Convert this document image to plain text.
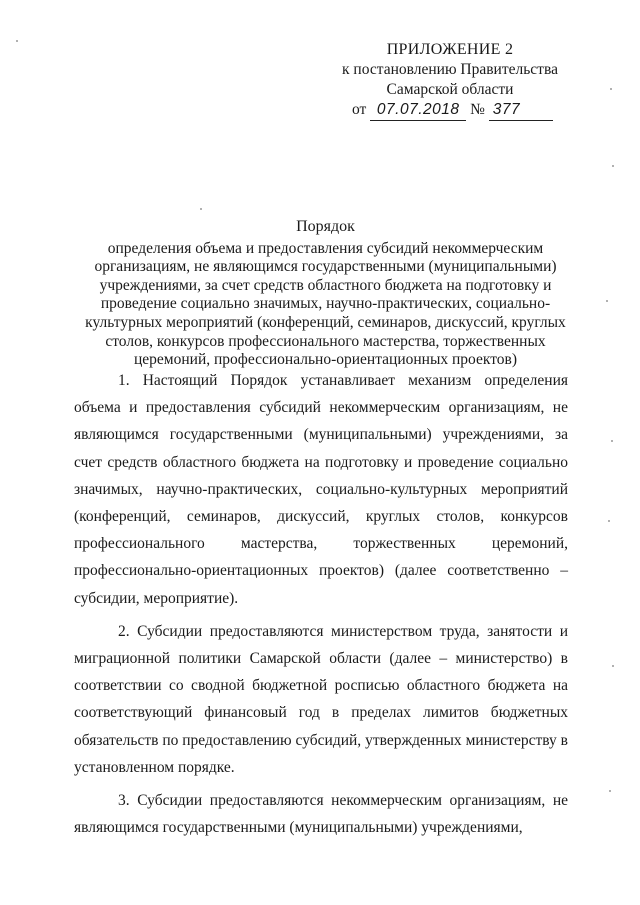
ПРИЛОЖЕНИЕ 2
к постановлению Правительства
Самарской области
от 07.07.2018 № 377
Порядок
определения объема и предоставления субсидий некоммерческим
организациям, не являющимся государственными (муниципальными)
учреждениями, за счет средств областного бюджета на подготовку и
проведение социально значимых, научно-практических, социально-
культурных мероприятий (конференций, семинаров, дискуссий, круглых
столов, конкурсов профессионального мастерства, торжественных
церемоний, профессионально-ориентационных проектов)

1. Настоящий Порядок устанавливает механизм определения объема и предоставления субсидий некоммерческим организациям, не являющимся государственными (муниципальными) учреждениями, за счет средств областного бюджета на подготовку и проведение социально значимых, научно-практических, социально-культурных мероприятий (конференций, семинаров, дискуссий, круглых столов, конкурсов профессионального мастерства, торжественных церемоний, профессионально-ориентационных проектов) (далее соответственно – субсидии, мероприятие).

2. Субсидии предоставляются министерством труда, занятости и миграционной политики Самарской области (далее – министерство) в соответствии со сводной бюджетной росписью областного бюджета на соответствующий финансовый год в пределах лимитов бюджетных обязательств по предоставлению субсидий, утвержденных министерству в установленном порядке.

3. Субсидии предоставляются некоммерческим организациям, не являющимся государственными (муниципальными) учреждениями,
